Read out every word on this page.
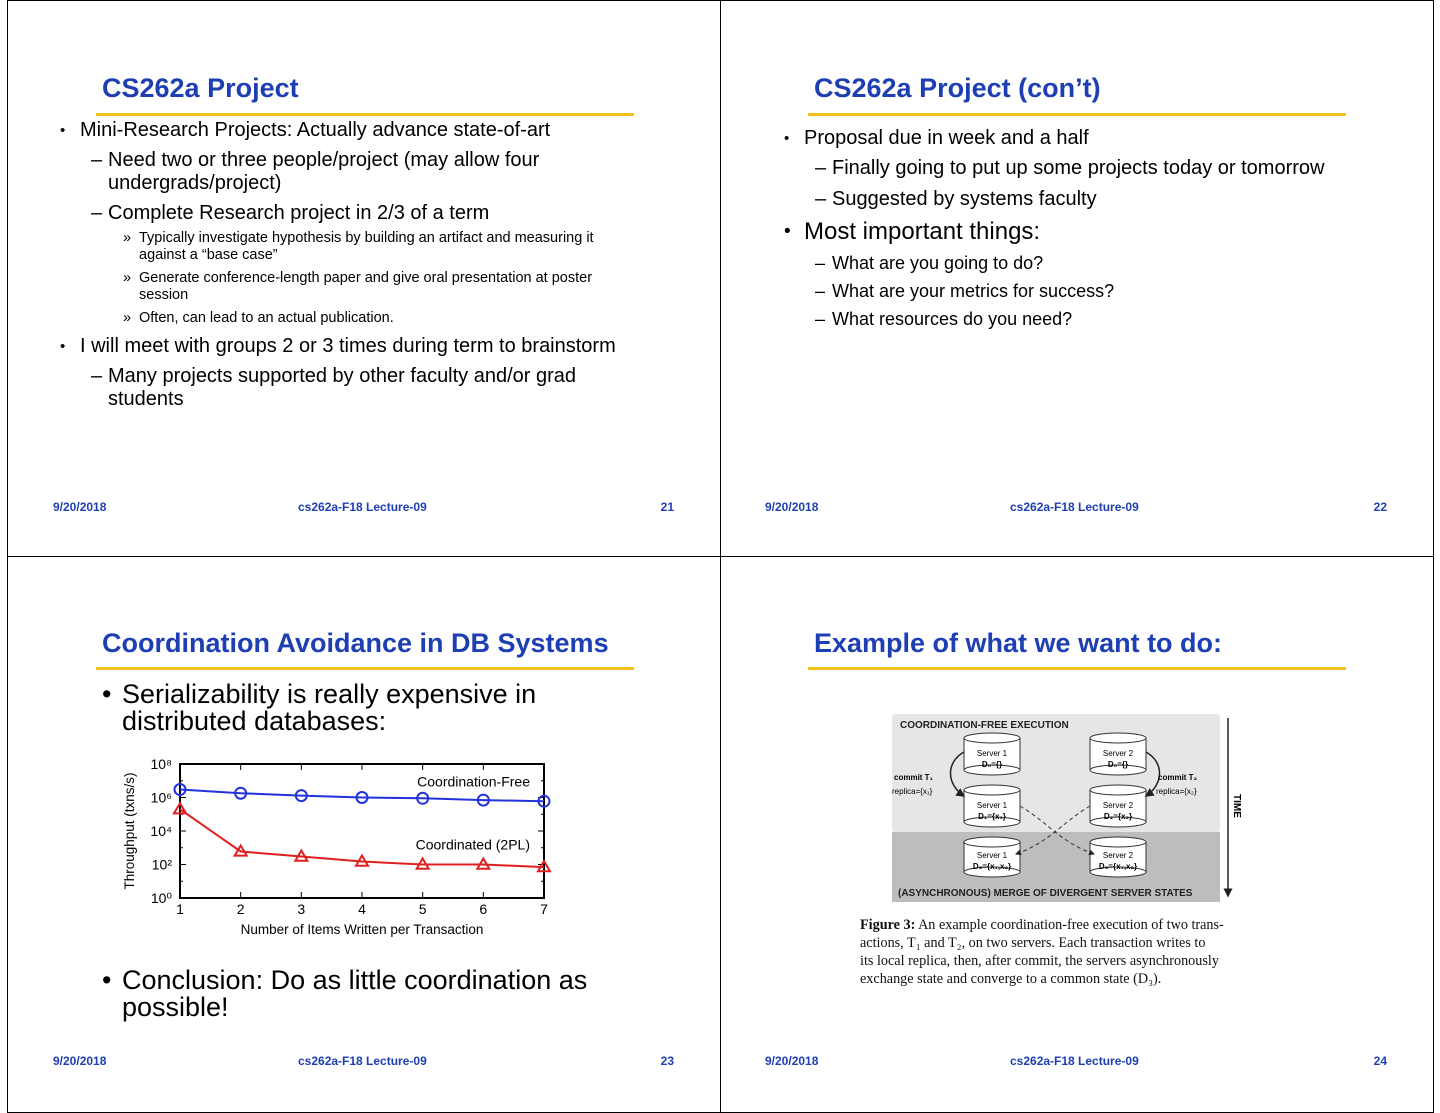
CS262a Project
• Mini-Research Projects: Actually advance state-of-art
– Need two or three people/project (may allow four
undergrads/project)
– Complete Research project in 2/3 of a term
» Typically investigate hypothesis by building an artifact and measuring it
against a “base case”
» Generate conference-length paper and give oral presentation at poster
session
» Often, can lead to an actual publication.
• I will meet with groups 2 or 3 times during term to brainstorm
– Many projects supported by other faculty and/or grad
students
9/20/2018	cs262a-F18 Lecture-09	21
CS262a Project (con’t)
• Proposal due in week and a half
– Finally going to put up some projects today or tomorrow
– Suggested by systems faculty
• Most important things:
– What are you going to do?
– What are your metrics for success?
– What resources do you need?
9/20/2018	cs262a-F18 Lecture-09	22
Coordination Avoidance in DB Systems
• Serializability is really expensive in
distributed databases:
1	2	3	4	5	6	7
10⁰
10²
10⁴
10⁶
10⁸
Number of Items Written per Transaction
Throughput (txns/s)	Coordination-Free
Coordinated (2PL)
• Conclusion: Do as little coordination as
possible!
9/20/2018	cs262a-F18 Lecture-09	23
Example of what we want to do:
COORDINATION-FREE EXECUTION
(ASYNCHRONOUS) MERGE OF DIVERGENT SERVER STATES
Server 1
D₀={}
Server 2
D₀={}
Server 1
D₁={x₁}
Server 2
D₂={x₂}
Server 1
D₃={x₁,x₂}
Server 2
D₃={x₁,x₂}
commit T₁
replica={x₁}
commit T₂
replica={x₂}
TIME
Figure 3: An example coordination-free execution of two trans-
actions, T₁ and T₂, on two servers. Each transaction writes to
its local replica, then, after commit, the servers asynchronously
exchange state and converge to a common state (D₃).
9/20/2018	cs262a-F18 Lecture-09	24
